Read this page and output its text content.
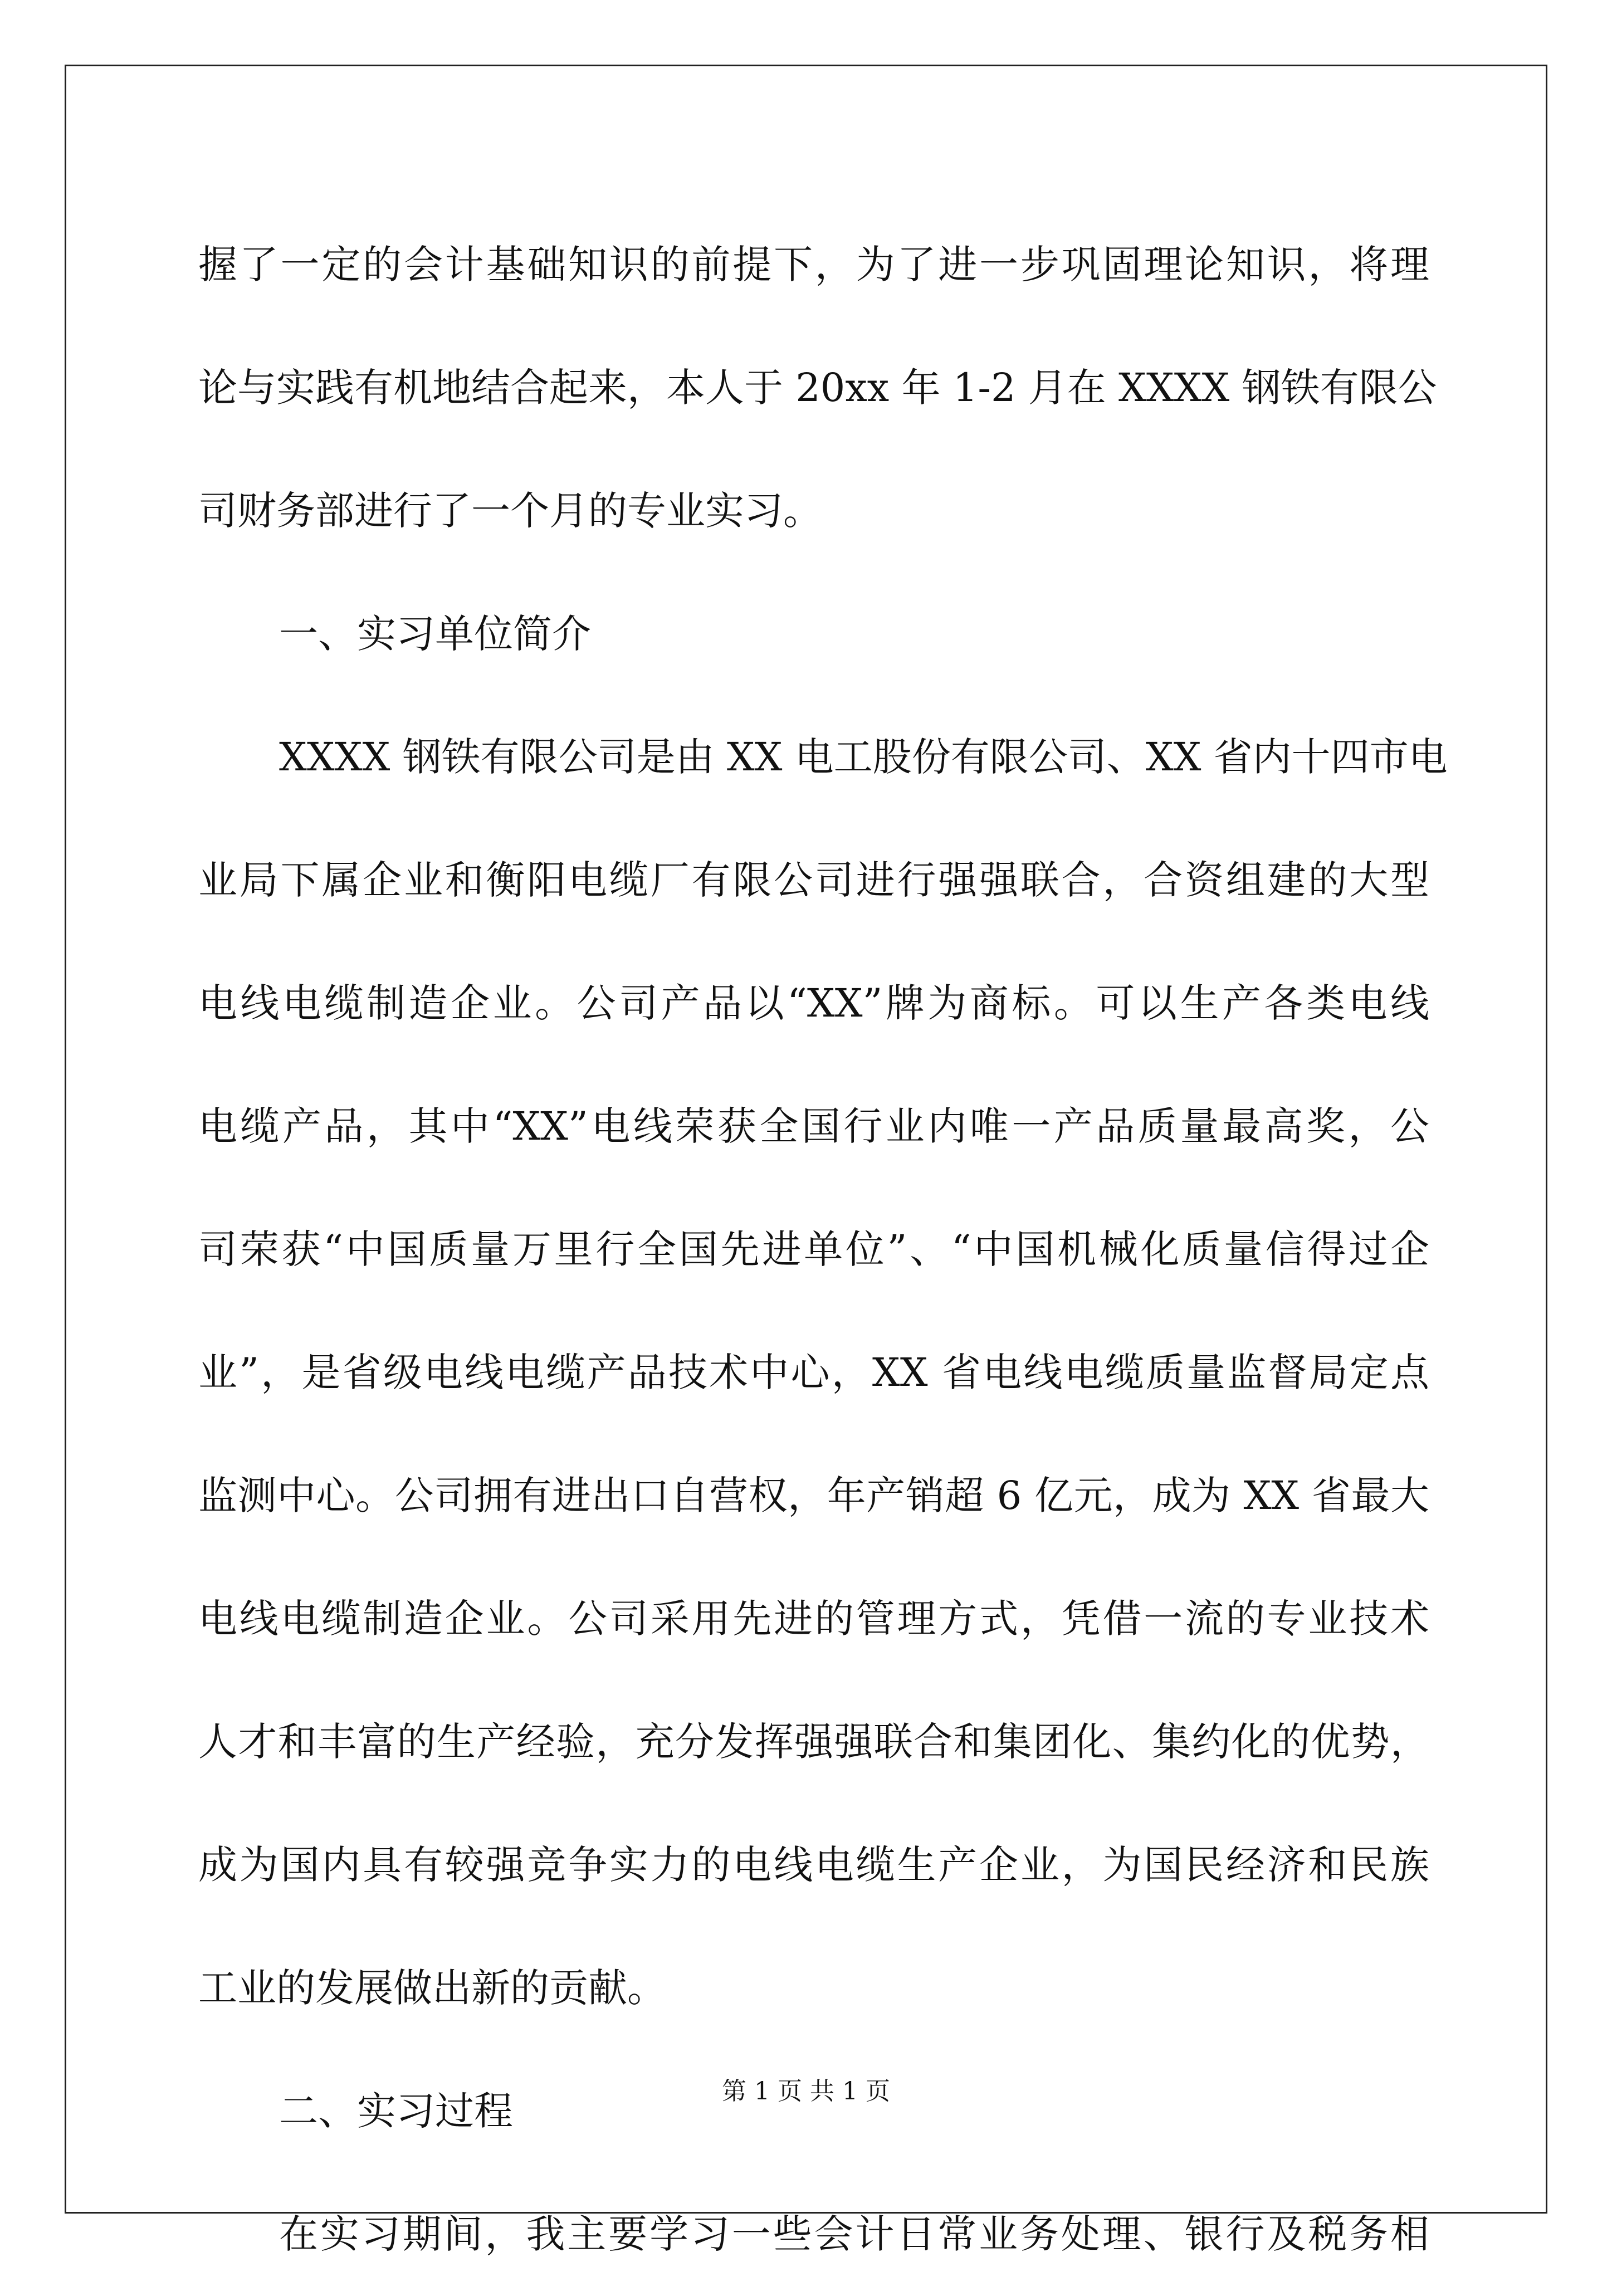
握了一定的会计基础知识的前提下，为了进一步巩固理论知识，将理
论与实践有机地结合起来，本人于 20xx 年 1-2 月在 XXXX 钢铁有限公
司财务部进行了一个月的专业实习。
一、实习单位简介
XXXX 钢铁有限公司是由 XX 电工股份有限公司、XX 省内十四市电
业局下属企业和衡阳电缆厂有限公司进行强强联合，合资组建的大型
电线电缆制造企业。公司产品以“XX”牌为商标。可以生产各类电线
电缆产品，其中“XX”电线荣获全国行业内唯一产品质量最高奖，公
司荣获“中国质量万里行全国先进单位”、“中国机械化质量信得过企
业”，是省级电线电缆产品技术中心，XX 省电线电缆质量监督局定点
监测中心。公司拥有进出口自营权，年产销超 6 亿元，成为 XX 省最大
电线电缆制造企业。公司采用先进的管理方式，凭借一流的专业技术
人才和丰富的生产经验，充分发挥强强联合和集团化、集约化的优势，
成为国内具有较强竞争实力的电线电缆生产企业，为国民经济和民族
工业的发展做出新的贡献。
二、实习过程
在实习期间，我主要学习一些会计日常业务处理、银行及税务相
第 1 页 共 1 页
